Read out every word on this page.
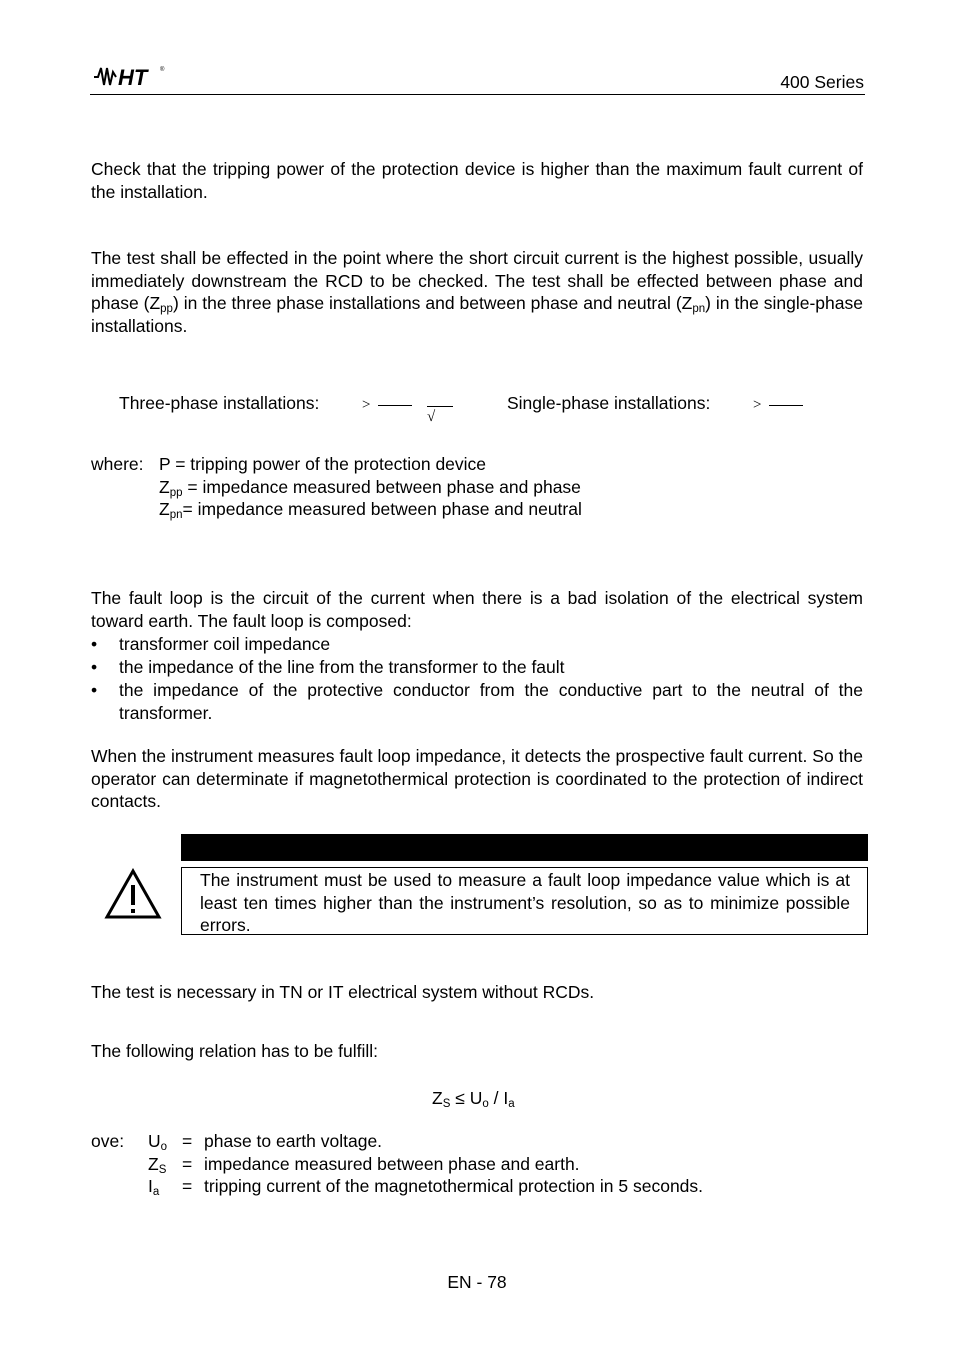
HT ®
400 Series
Check that the tripping power of the protection device is higher than the maximum fault current of the installation.
The test shall be effected in the point where the short circuit current is the highest possible, usually immediately downstream the RCD to be checked. The test shall be effected between phase and phase $(Z_{pp})$ in the three phase installations and between phase and neutral $(Z_{pn})$ in the single-phase installations.
Three-phase installations:	>
√
Single-phase installations:	>
where: P = tripping power of the protection device
$Z_{pp}$ = impedance measured between phase and phase
$Z_{pn}=$ impedance measured between phase and neutral
The fault loop is the circuit of the current when there is a bad isolation of the electrical system toward earth. The fault loop is composed:
• transformer coil impedance
• the impedance of the line from the transformer to the fault
• the impedance of the protective conductor from the conductive part to the neutral of the transformer.
When the instrument measures fault loop impedance, it detects the prospective fault current. So the operator can determinate if magnetothermical protection is coordinated to the protection of indirect contacts.
The instrument must be used to measure a fault loop impedance value which is at least ten times higher than the instrument’s resolution, so as to minimize possible errors.
The test is necessary in TN or IT electrical system without RCDs.
The following relation has to be fulfill:
$Z_S \le U_o / I_a$
ove: $U_o$ = phase to earth voltage.
$Z_S$ = impedance measured between phase and earth.
$I_a$ = tripping current of the magnetothermical protection in 5 seconds.
EN - 78
